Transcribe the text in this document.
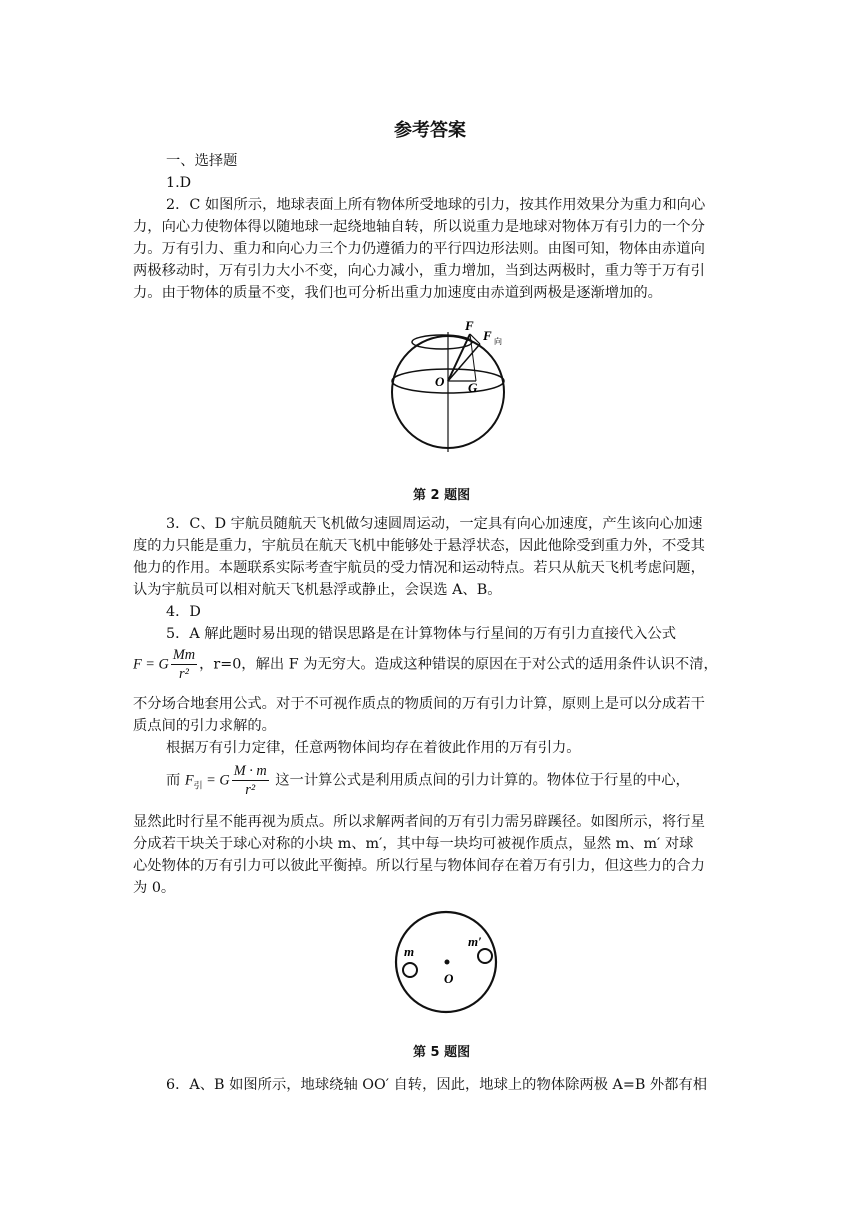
参考答案
一、选择题
1.D
2．C 如图所示，地球表面上所有物体所受地球的引力，按其作用效果分为重力和向心
力，向心力使物体得以随地球一起绕地轴自转，所以说重力是地球对物体万有引力的一个分
力。万有引力、重力和向心力三个力仍遵循力的平行四边形法则。由图可知，物体由赤道向
两极移动时，万有引力大小不变，向心力减小，重力增加，当到达两极时，重力等于万有引
力。由于物体的质量不变，我们也可分析出重力加速度由赤道到两极是逐渐增加的。
F
F 向
O G
第 2 题图
3．C、D 宇航员随航天飞机做匀速圆周运动，一定具有向心加速度，产生该向心加速
度的力只能是重力，宇航员在航天飞机中能够处于悬浮状态，因此他除受到重力外，不受其
他力的作用。本题联系实际考查宇航员的受力情况和运动特点。若只从航天飞机考虑问题，
认为宇航员可以相对航天飞机悬浮或静止，会误选 A、B。
4．D
5．A 解此题时易出现的错误思路是在计算物体与行星间的万有引力直接代入公式
F = G $\frac{Mm}{\text{r²}}$ ，r=0，解出 F 为无穷大。造成这种错误的原因在于对公式的适用条件认识不清，
不分场合地套用公式。对于不可视作质点的物质间的万有引力计算，原则上是可以分成若干
质点间的引力求解的。
根据万有引力定律，任意两物体间均存在着彼此作用的万有引力。
而 $F_引 = G \frac{M \cdot m}{\text{r²}}$ 这一计算公式是利用质点间的引力计算的。物体位于行星的中心，
显然此时行星不能再视为质点。所以求解两者间的万有引力需另辟蹊径。如图所示，将行星
分成若干块关于球心对称的小块 m、m′，其中每一块均可被视作质点，显然 m、m′ 对球
心处物体的万有引力可以彼此平衡掉。所以行星与物体间存在着万有引力，但这些力的合力
为 0。
m
m′
O
第 5 题图
6．A、B 如图所示，地球绕轴 OO′ 自转，因此，地球上的物体除两极 A=B 外都有相
